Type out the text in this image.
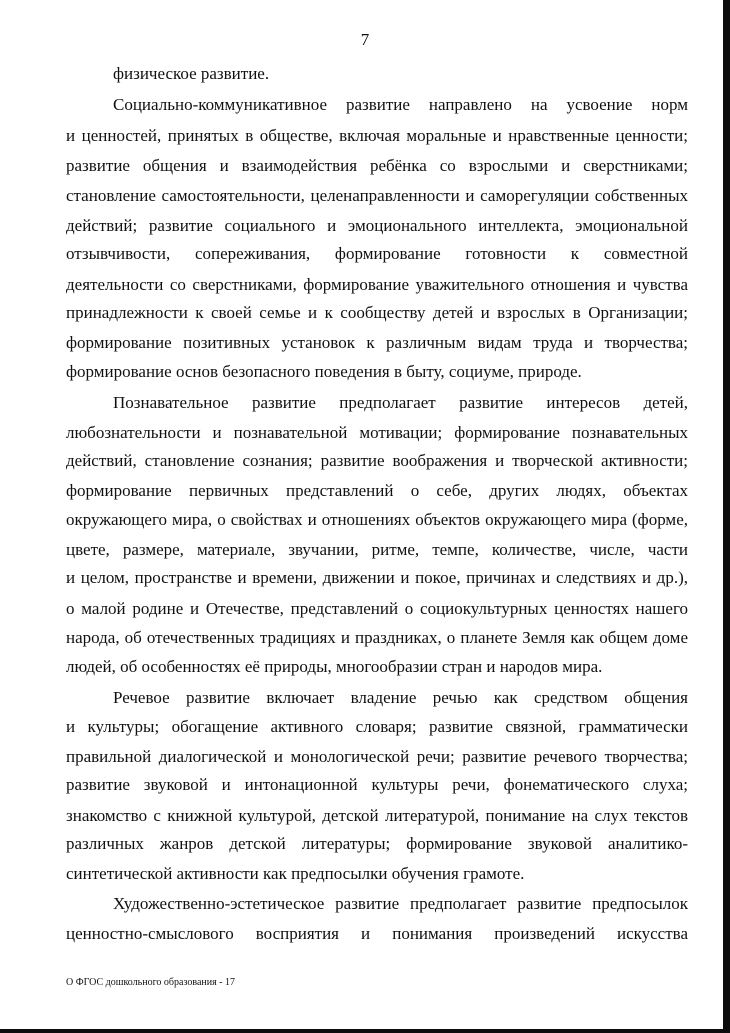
7
физическое развитие.
Социально-коммуникативное развитие направлено на усвоение норм
и ценностей, принятых в обществе, включая моральные и нравственные ценности;
развитие общения и взаимодействия ребёнка со взрослыми и сверстниками;
становление самостоятельности, целенаправленности и саморегуляции собственных
действий; развитие социального и эмоционального интеллекта, эмоциональной
отзывчивости, сопереживания, формирование готовности к совместной
деятельности со сверстниками, формирование уважительного отношения и чувства
принадлежности к своей семье и к сообществу детей и взрослых в Организации;
формирование позитивных установок к различным видам труда и творчества;
формирование основ безопасного поведения в быту, социуме, природе.
Познавательное развитие предполагает развитие интересов детей,
любознательности и познавательной мотивации; формирование познавательных
действий, становление сознания; развитие воображения и творческой активности;
формирование первичных представлений о себе, других людях, объектах
окружающего мира, о свойствах и отношениях объектов окружающего мира (форме,
цвете, размере, материале, звучании, ритме, темпе, количестве, числе, части
и целом, пространстве и времени, движении и покое, причинах и следствиях и др.),
о малой родине и Отечестве, представлений о социокультурных ценностях нашего
народа, об отечественных традициях и праздниках, о планете Земля как общем доме
людей, об особенностях её природы, многообразии стран и народов мира.
Речевое развитие включает владение речью как средством общения
и культуры; обогащение активного словаря; развитие связной, грамматически
правильной диалогической и монологической речи; развитие речевого творчества;
развитие звуковой и интонационной культуры речи, фонематического слуха;
знакомство с книжной культурой, детской литературой, понимание на слух текстов
различных жанров детской литературы; формирование звуковой аналитико-
синтетической активности как предпосылки обучения грамоте.
Художественно-эстетическое развитие предполагает развитие предпосылок
ценностно-смыслового восприятия и понимания произведений искусства
О ФГОС дошкольного образования - 17
